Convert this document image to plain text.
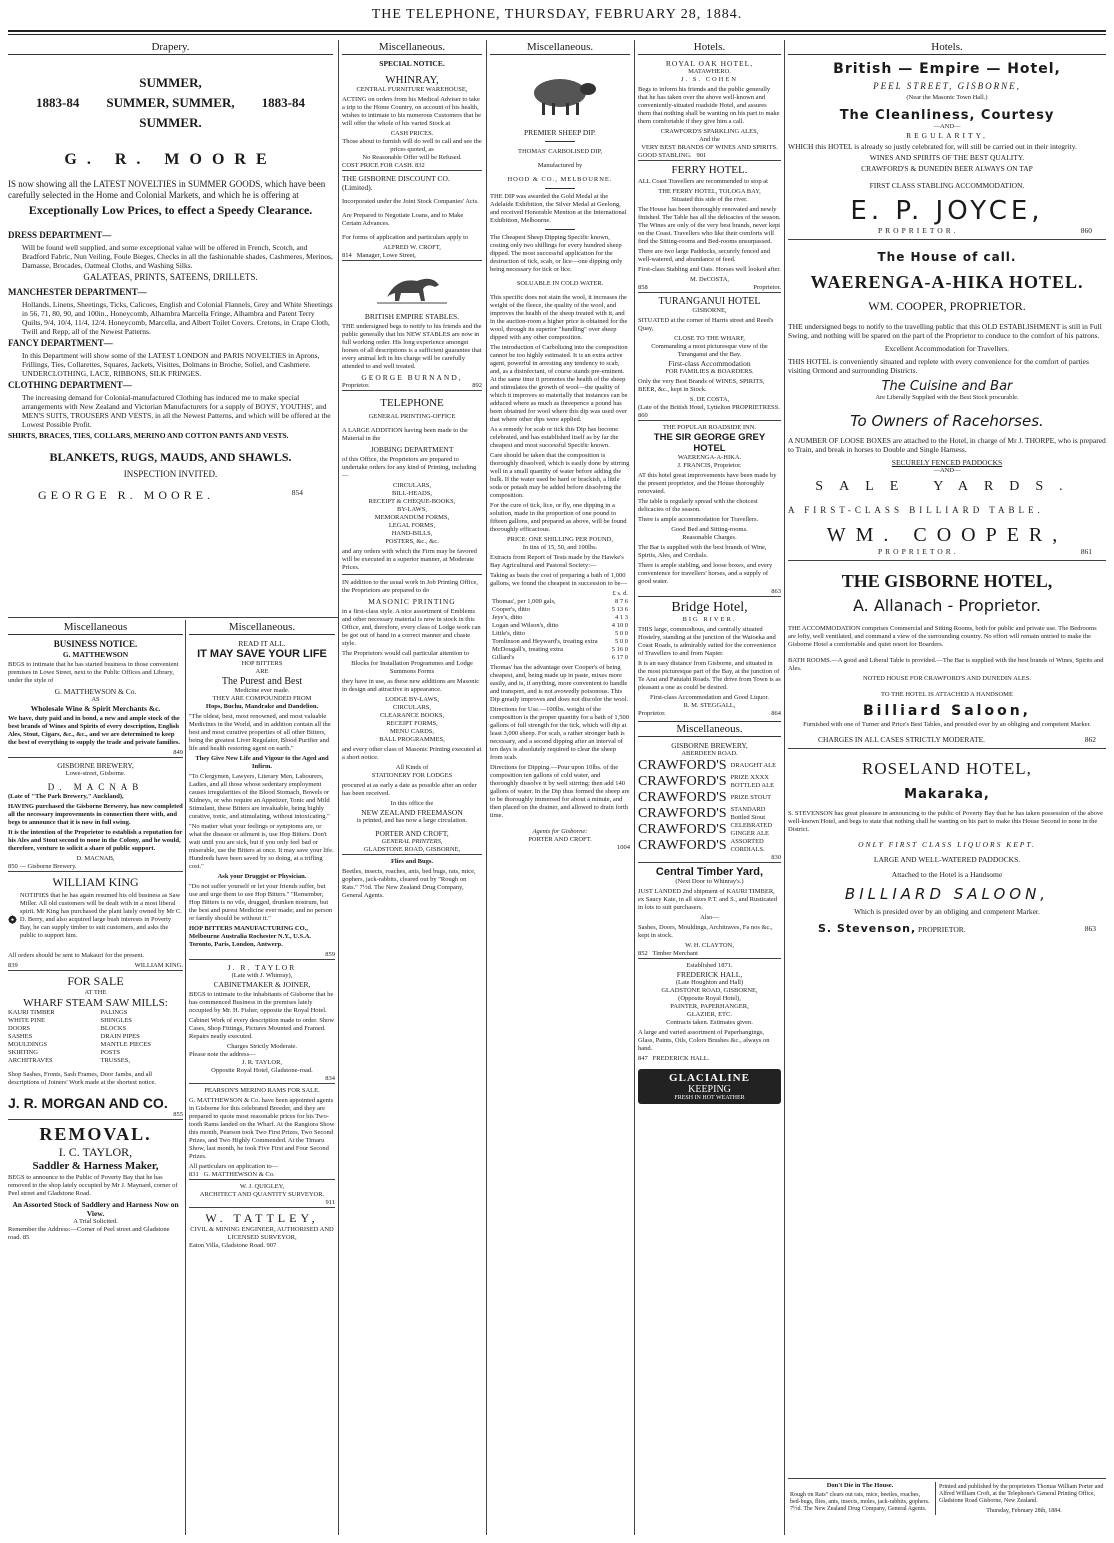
THE TELEPHONE, THURSDAY, FEBRUARY 28, 1884.
Drapery.
SUMMER,
1883-84 SUMMER, SUMMER, 1883-84
SUMMER.
G. R. MOORE

IS now showing all the LATEST NOVELTIES in SUMMER GOODS, which have been carefully selected in the Home and Colonial Markets, and which he is offering at

Exceptionally Low Prices, to effect a Speedy Clearance.
DRESS DEPARTMENT—

Will be found well supplied, and some exceptional value will be offered in French, Scotch, and Bradford Fabric, Nun Veiling, Foule Bieges, Checks in all the fashionable shades, Cashmeres, Merinos, Damasse, Brocades, Oatmeal Cloths, and Washing Silks.

GALATEAS, PRINTS, SATEENS, DRILLETS.
MANCHESTER DEPARTMENT—

Hollands, Linens, Sheetings, Ticks, Calicoes, English and Colonial Flannels, Grey and White Sheetings in 56, 71, 80, 90, and 100in., Honeycomb, Alhambra Marcella Fringe, Alhambra and Patent Terry Quilts, 9/4, 10/4, 11/4, 12/4. Honeycomb, Marcella, and Albert Toilet Covers. Cretons, in Crape Cloth, Twill and Repp, all of the Newest Patterns.

FANCY DEPARTMENT—

In this Department will show some of the LATEST LONDON and PARIS NOVELTIES in Aprons, Frillings, Ties, Collarettes, Squares, Jackets, Visittes, Dolmans in Broche, Soliel, and Cashmere. UNDERCLOTHING, LACE, RIBBONS, SILK FRINGES.

CLOTHING DEPARTMENT—

The increasing demand for Colonial-manufactured Clothing has induced me to make special arrangements with New Zealand and Victorian Manufacturers for a supply of BOYS', YOUTHS', and MEN'S SUITS, TROUSERS AND VESTS, in all the Newest Patterns, and which will be offered at the Lowest Possible Profit.

SHIRTS, BRACES, TIES, COLLARS, MERINO AND COTTON PANTS AND VESTS.

BLANKETS, RUGS, MAUDS, AND SHAWLS.
INSPECTION INVITED.
GEORGE R. MOORE.	854
Miscellaneous
BUSINESS NOTICE.
G. MATTHEWSON

BEGS to intimate that he has started business in those convenient premises in Lowe Street, next to the Public Offices and Library, under the style of

G. MATTHEWSON & Co.
AS
Wholesale Wine & Spirit Merchants &c.

We have, duty paid and in bond, a new and ample stock of the best brands of Wines and Spirits of every description, English Ales, Stout, Cigars, &c., &c., and we are determined to keep the best of everything to supply the trade and private families.

849
GISBORNE BREWERY,
Lowe-street, Gisborne.
D. MACNAB
(Late of "The Park Brewery," Auckland),

HAVING purchased the Gisborne Brewery, has now completed all the necessary improvements in connection there with, and begs to announce that it is now in full swing.

It is the intention of the Proprietor to establish a reputation for his Ales and Stout second to none in the Colony, and he would, therefore, venture to solicit a share of public support.

D. MACNAB,
850 — Gisborne Brewery.
WILLIAM KING

NOTIFIES that he has again resumed his old business as Saw Miller. All old customers will be dealt with in a most liberal spirit. Mr King has purchased the plant lately owned by Mr C. D. Berry, and also acquired large bush interests in Poverty Bay, he can supply timber to suit customers, and asks the public to support him.

All orders should be sent to Makauri for the present.

839	WILLIAM KING.
FOR SALE
AT THE
WHARF STEAM SAW MILLS:
KAURI TIMBER
WHITE PINE
DOORS
SASHES
MOULDINGS
SKIRTING
ARCHITRAVES
PALINGS
SHINGLES
BLOCKS
DRAIN PIPES
MANTLE PIECES
POSTS
TRUSSES,

Shop Sashes, Fronts, Sash Frames, Door Jambs, and all descriptions of Joiners' Work made at the shortest notice.

J. R. MORGAN AND CO.
855
REMOVAL.
I. C. TAYLOR,
Saddler & Harness Maker,

BEGS to announce to the Public of Poverty Bay that he has removed to the shop lately occupied by Mr J. Maynard, corner of Peel street and Gladstone Road.

An Assorted Stock of Saddlery and Harness Now on View.
A Trial Solicited.
Remember the Address:—Corner of Peel street and Gladstone road. 85
Miscellaneous.
READ IT ALL.
IT MAY SAVE YOUR LIFE
HOP BITTERS
ARE
The Purest and Best
Medicine ever made.
THEY ARE COMPOUNDED FROM
Hops, Buchu, Mandrake and Dandelion.

"The oldest, best, most renowned, and most valuable Medicines in the World, and in addition contain all the best and most curative properties of all other Bitters, being the greatest Liver Regulator, Blood Purifier and life and health restoring agent on earth."

They Give New Life and Vigour to the Aged and Infirm.

"To Clergymen, Lawyers, Literary Men, Labourers, Ladies, and all those whose sedentary employment causes irregularities of the Blood Stomach, Bowels or Kidneys, or who require an Appetizer, Tonic and Mild Stimulant, these Bitters are invaluable, being highly curative, tonic, and stimulating, without intoxicating."

"No matter what your feelings or symptoms are, or what the disease or ailment is, use Hop Bitters. Don't wait until you are sick, but if you only feel bad or miserable, use the Bitters at once. It may save your life. Hundreds have been saved by so doing, at a trifling cost."

Ask your Druggist or Physician.

"Do not suffer yourself or let your friends suffer, but use and urge them to use Hop Bitters." "Remember, Hop Bitters is no vile, drugged, drunken nostrum, but the best and purest Medicine ever made; and no person or family should be without it."

HOP BITTERS MANUFACTURING CO., Melbourne Australia Rochester N.Y., U.S.A. Toronto, Paris, London, Antwerp.

859
J. R. TAYLOR
(Late with J. Whinray),
CABINETMAKER & JOINER,

BEGS to intimate to the inhabitants of Gisborne that he has commenced Business in the premises lately occupied by Mr. H. Fisher, opposite the Royal Hotel.

Cabinet Work of every description made to order. Show Cases, Shop Fittings, Pictures Mounted and Framed. Repairs neatly executed.

Charges Strictly Moderate.
Please note the address—
J. R. TAYLOR,
Opposite Royal Hotel, Gladstone-road.
834
PEARSON'S MERINO RAMS FOR SALE.

G. MATTHEWSON & Co. have been appointed agents in Gisborne for this celebrated Breeder, and they are prepared to quote most reasonable prices for his Two-tooth Rams landed on the Wharf. At the Rangiora Show this month, Pearson took Two First Prizes, Two Second Prizes, and Two Highly Commended. At the Timaru Show, last month, he took Five First and Four Second Prizes.

All particulars on application to—
831 G. MATTHEWSON & Co.
W. J. QUIGLEY,
ARCHITECT AND QUANTITY SURVEYOR.
911
W. TATTLEY,
CIVIL & MINING ENGINEER, AUTHORISED AND LICENSED SURVEYOR,
Eaton Villa, Gladstone Road. 907
Miscellaneous.
SPECIAL NOTICE.
WHINRAY,
CENTRAL FURNITURE WAREHOUSE,

ACTING on orders from his Medical Adviser to take a trip to the Home Country, on account of his health, wishes to intimate to his numerous Customers that he will offer the whole of his varied Stock at

CASH PRICES.
Those about to furnish will do well to call and see the prices quoted, as
No Reasonable Offer will be Refused.
COST PRICE FOR CASH. 832
THE GISBORNE DISCOUNT CO. (Limited).

Incorporated under the Joint Stock Companies' Acts.

Are Prepared to Negotiate Loans, and to Make Certain Advances.

For forms of application and particulars apply to

ALFRED W. CROFT,
814 Manager, Lowe Street,
BRITISH EMPIRE STABLES.

THE undersigned begs to notify to his friends and the public generally that his NEW STABLES are now in full working order. His long experience amongst horses of all descriptions is a sufficient guarantee that every animal left in his charge will be carefully attended to and well treated.

GEORGE BURNAND,
Proprietor.	892
TELEPHONE
GENERAL PRINTING-OFFICE

A LARGE ADDITION having been made to the Material in the

JOBBING DEPARTMENT

of this Office, the Proprietors are prepared to undertake orders for any kind of Printing, including—

CIRCULARS,
BILL-HEADS,
RECEIPT & CHEQUE-BOOKS,
BY-LAWS,
MEMORANDUM FORMS,
LEGAL FORMS,
HAND-BILLS,
POSTERS, &c., &c.

and any orders with which the Firm may be favored will be executed in a superior manner, at Moderate Prices.

IN addition to the usual work in Job Printing Office, the Proprietors are prepared to do

MASONIC PRINTING

in a first-class style. A nice assortment of Emblems and other necessary material is now in stock in this Office, and, therefore, every class of Lodge work can be got out of hand in a correct manner and chaste style.

The Proprietors would call particular attention to

Blocks for Installation Programmes and Lodge Summons Forms

they have in use, as these new additions are Masonic in design and attractive in appearance.

LODGE BY-LAWS,
CIRCULARS,
CLEARANCE BOOKS,
RECEIPT FORMS,
MENU CARDS,
BALL PROGRAMMES,

and every other class of Masonic Printing executed at a short notice.

All Kinds of
STATIONERY FOR LODGES

procured at as early a date as possible after an order has been received.

In this office the
NEW ZEALAND FREEMASON
is printed, and has now a large circulation.
PORTER AND CROFT,
GENERAL PRINTERS,
GLADSTONE ROAD, GISBORNE,
Flies and Bugs.

Beetles, insects, roaches, ants, bed bugs, rats, mice, gophers, jack-rabbits, cleared out by "Rough on Rats." 7½d. The New Zealand Drug Company, General Agents.

Miscellaneous.
PREMIER SHEEP DIP.
THOMAS' CARBOLISED DIP,
Manufactured by
HOOD & CO., MELBOURNE.

THE DIP was awarded the Gold Medal at the Adelaide Exhibition, the Silver Medal at Geelong, and received Honorable Mention at the International Exhibition, Melbourne.

The Cheapest Sheep Dipping Specific known, costing only two shillings for every hundred sheep dipped. The most successful application for the destruction of tick, scab, or lice—one dipping only being necessary for tick or lice.

SOLUABLE IN COLD WATER.

This specific does not stain the wool, it increases the weight of the fleece, the quality of the wool, and improves the health of the sheep treated with it, and in the auction-room a higher price is obtained for the wool, through its superior "handling" over sheep dipped with any other composition.

The introduction of Carbolising into the composition cannot be too highly estimated. It is an extra active agent, powerful in arresting any tendency to scab, and, as a disinfectant, of course stands pre-eminent. At the same time it promotes the health of the sheep and stimulates the growth of wool—the quality of which it improves so materially that instances can be adduced where as much as threepence a pound has been obtained for wool where this dip was used over that where other dips were applied.

As a remedy for scab or tick this Dip has become celebrated, and has established itself as by far the cheapest and most successful Specific known.

Care should be taken that the composition is thoroughly dissolved, which is easily done by stirring well in a small quantity of water before adding the bulk. If the water used be hard or brackish, a little soda or potash may be added before dissolving the composition.

For the cure of tick, lice, or fly, one dipping in a solution, made in the proportion of one pound to fifteen gallons, and prepared as above, will be found thoroughly efficacious.

PRICE: ONE SHILLING PER POUND,
In tins of 15, 50, and 100lbs.

Extracts from Report of Tests made by the Hawke's Bay Agricultural and Pastoral Society:—

Taking as basis the cost of preparing a bath of 1,000 gallons, we found the cheapest in succession to be—

	£ s. d.
Thomas', per 1,000 gals,	8 7 6
Cooper's, ditto	5 13 6
Jeye's, ditto	4 1 3
Logan and Wilson's, ditto	4 10 0
Little's, ditto	5 0 0
Tomlinson and Heyward's, treating extra	5 0 0
McDougall's, treating extra	5 16 0
Gillard's	6 17 0

Thomas' has the advantage over Cooper's of being cheapest, and, being made up in paste, mixes more easily, and is, if anything, more convenient to handle and transport, and is not avowedly poisonous. This Dip greatly improves and does not discolor the wool.

Directions for Use.—100lbs. weight of the composition is the proper quantity for a bath of 1,500 gallons of full strength for the tick, which will dip at least 3,000 sheep. For scab, a rather stronger bath is necessary, and a second dipping after an interval of ten days is absolutely required to clear the sheep from scab.

Directions for Dipping.—Pour upon 10lbs. of the composition ten gallons of cold water, and thoroughly dissolve it by well stirring; then add 140 gallons of water. In the Dip thus formed the sheep are to be thoroughly immersed for about a minute, and then placed on the drainer, and allowed to drain forth time.

Agents for Gisborne:
PORTER AND CROFT.
1004
Hotels.
ROYAL OAK HOTEL,
MATAWHERO.
J. S. COHEN

Begs to inform his friends and the public generally that he has taken over the above well-known and conveniently-situated roadside Hotel, and assures them that nothing shall be wanting on his part to make them comfortable if they give him a call.

CRAWFORD'S SPARKLING ALES,
And the
VERY BEST BRANDS OF WINES AND SPIRITS.
GOOD STABLING. 901
FERRY HOTEL.

ALL Coast Travellers are recommended to stop at

THE FERRY HOTEL, TOLOGA BAY,
Situated this side of the river.

The House has been thoroughly renovated and newly finished. The Table has all the delicacies of the season. The Wines are only of the very best brands, never kept on the Coast. Travellers who like their comforts will find the Sitting-rooms and Bed-rooms unsurpassed.

There are two large Paddocks, securely fenced and well-watered, and abundance of feed.

First-class Stabling and Oats. Horses well looked after.

M. DeCOSTA,
858	Proprietor.
TURANGANUI HOTEL
GISBORNE,

SITUATED at the corner of Harris street and Reed's Quay,

CLOSE TO THE WHARF,
Commanding a most picturesque view of the Turanganui and the Bay.
First-class Accommodation
FOR FAMILIES & BOARDERS.

Only the very Best Brands of WINES, SPIRITS, BEER, &c., kept in Stock.

S. DE COSTA,
(Late of the British Hotel, Lyttelton PROPRIETRESS. 860
THE POPULAR ROADSIDE INN.
THE SIR GEORGE GREY HOTEL
WAERENGA-A-HIKA.
J. FRANCIS, Proprietor.

AT this hotel great improvements have been made by the present proprietor, and the House thoroughly renovated.

The table is regularly spread with the choicest delicacies of the season.

There is ample accommodation for Travellers.

Good Bed and Sitting-rooms.
Reasonable Charges.

The Bar is supplied with the best brands of Wine, Spirits, Ales, and Cordials.

There is ample stabling, and loose boxes, and every convenience for travellers' horses, and a supply of good water.

863
Bridge Hotel,
BIG RIVER.

THIS large, commodious, and centrally situated Hostelry, standing at the junction of the Waioeka and Coast Roads, is admirably suited for the convenience of Travellers to and from Napier.

It is an easy distance from Gisborne, and situated in the most picturesque part of the Bay, at the junction of Te Arai and Patutahi Roads. The drive from Town is as pleasant a one as could be desired.

First-class Accommodation and Good Liquor.
R. M. STEGGALL,
Proprietor.	864
Miscellaneous.
GISBORNE BREWERY,
ABERDEEN ROAD.
CRAWFORD'S DRAUGHT ALE
CRAWFORD'S PRIZE XXXX BOTTLED ALE
CRAWFORD'S PRIZE STOUT
CRAWFORD'S STANDARD Bottled Stout
CRAWFORD'S CELEBRATED GINGER ALE
CRAWFORD'S ASSORTED CORDIALS.
830
Central Timber Yard,
(Next Door to Whinray's.)

JUST LANDED 2nd shipment of KAURI TIMBER, ex Saucy Kate, in all sizes P.T. and S., and Rusticated in lots to suit purchasers.

Also—

Sashes, Doors, Mouldings, Architraves, Fa nos &c., kept in stock.

W. H. CLAYTON,
852 Timber Merchant
Established 1871.
FREDERICK HALL,
(Late Houghton and Hall)
GLADSTONE ROAD, GISBORNE,
(Opposite Royal Hotel),
PAINTER, PAPERHANGER,
GLAZIER, ETC.
Contracts taken. Estimates given.

A large and varied assortment of Paperhangings, Glass, Paints, Oils, Colors Brushes &c., always on hand.

847 FREDERICK HALL.
GLACIALINE
KEEPING
FRESH IN HOT WEATHER
Hotels.
British — Empire — Hotel,
PEEL STREET, GISBORNE,
(Near the Masonic Town Hall.)
The Cleanliness, Courtesy
—AND—
REGULARITY,

WHICH this HOTEL is already so justly celebrated for, will still be carried out in their integrity.

WINES AND SPIRITS OF THE BEST QUALITY.
CRAWFORD'S & DUNEDIN BEER ALWAYS ON TAP
FIRST CLASS STABLING ACCOMMODATION.
E. P. JOYCE,
PROPRIETOR.	860
The House of call.
WAERENGA-A-HIKA HOTEL.
WM. COOPER, PROPRIETOR.

THE undersigned begs to notify to the travelling public that this OLD ESTABLISHMENT is still in Full Swing, and nothing will be spared on the part of the Proprietor to conduce to the comfort of his patrons.

Excellent Accommodation for Travellers.

THIS HOTEL is conveniently situated and replete with every convenience for the comfort of parties visiting Ormond and surrounding Districts.

The Cuisine and Bar
Are Liberally Supplied with the Best Stock procurable.
To Owners of Racehorses.

A NUMBER OF LOOSE BOXES are attached to the Hotel, in charge of Mr J. THORPE, who is prepared to Train, and break in horses to Double and Single Harness.

SECURELY FENCED PADDOCKS
—AND—
SALE YARDS.
A FIRST-CLASS BILLIARD TABLE.
WM. COOPER,
PROPRIETOR.	861
THE GISBORNE HOTEL,
A. Allanach - Proprietor.

THE ACCOMMODATION comprises Commercial and Sitting Rooms, both for public and private use. The Bedrooms are lofty, well ventilated, and command a view of the surrounding country. No effort will remain untried to make the Gisborne Hotel a comfortable and quiet resort for Boarders.

BATH ROOMS.—A good and Liberal Table is provided.—The Bar is supplied with the best brands of Wines, Spirits and Ales.

NOTED HOUSE FOR CRAWFORD'S AND DUNEDIN ALES.
TO THE HOTEL IS ATTACHED A HANDSOME
Billiard Saloon,

Furnished with one of Turner and Price's Best Tables, and presided over by an obliging and competent Marker.

CHARGES IN ALL CASES STRICTLY MODERATE.	862
ROSELAND HOTEL,
Makaraka,

S. STEVENSON has great pleasure in announcing to the public of Poverty Bay that he has taken possession of the above well-known Hotel, and begs to state that nothing shall be wanting on his part to make this House Second to none in the District.

ONLY FIRST CLASS LIQUORS KEPT.
LARGE AND WELL-WATERED PADDOCKS.
Attached to the Hotel is a Handsome
BILLIARD SALOON,
Which is presided over by an obliging and competent Marker.
S. Stevenson, PROPRIETOR.	863
Don't Die in The House.

Rough on Rats" clears out rats, mice, beetles, roaches, bed-bugs, flies, ants, insects, moles, jack-rabbits, gophers. 7½d. The New Zealand Drug Company, General Agents.

Printed and published by the proprietors Thomas William Porter and Alfred William Croft, at the Telephone's General Printing Office, Gladstone Road Gisborne, New Zealand.

Thursday, February 28th, 1884.
